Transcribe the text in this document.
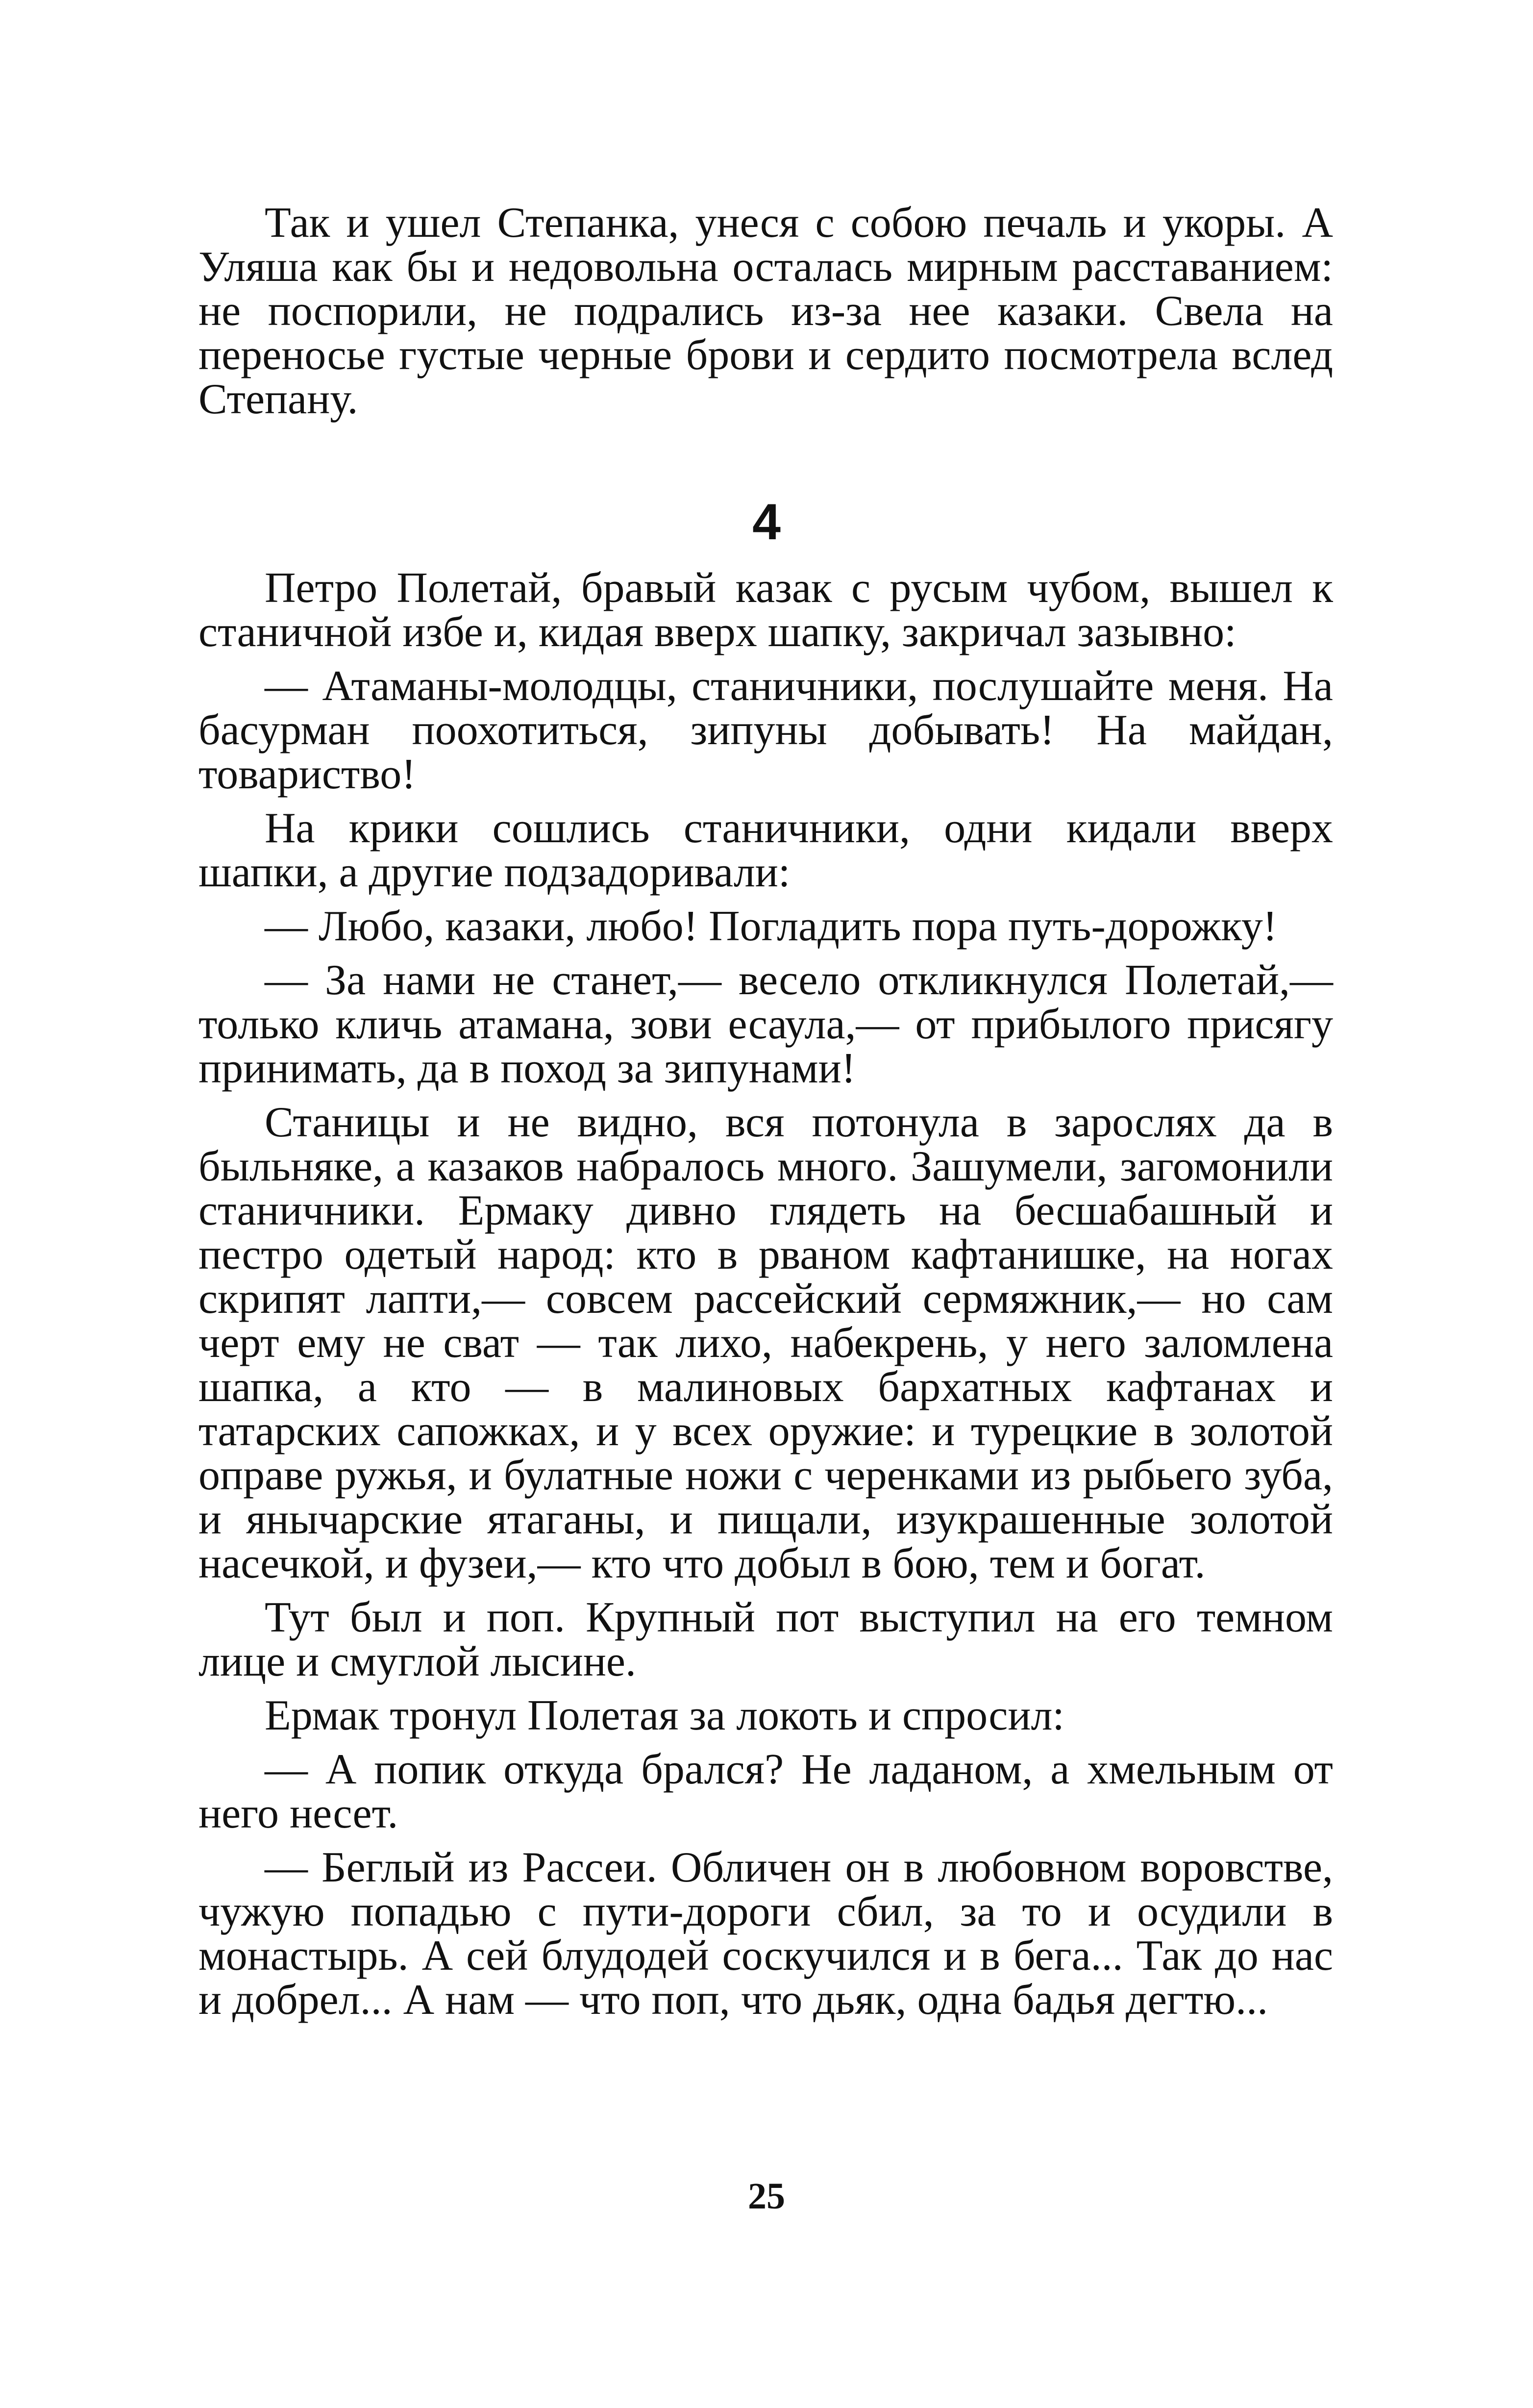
Так и ушел Степанка, унеся с собою печаль и укоры. А Уляша как бы и недовольна осталась мирным расставанием: не поспорили, не подрались из-за нее казаки. Свела на переносье густые черные брови и сердито посмотрела вслед Степану.

4

Петро Полетай, бравый казак с русым чубом, вышел к станичной избе и, кидая вверх шапку, закричал зазывно:

— Атаманы-молодцы, станичники, послушайте меня. На басурман поохотиться, зипуны добывать! На майдан, товариство!

На крики сошлись станичники, одни кидали вверх шапки, а другие подзадоривали:

— Любо, казаки, любо! Погладить пора путь-дорожку!

— За нами не станет,— весело откликнулся Полетай,— только кличь атамана, зови есаула,— от прибылого присягу принимать, да в поход за зипунами!

Станицы и не видно, вся потонула в зарослях да в быльняке, а казаков набралось много. Зашумели, загомонили станичники. Ермаку дивно глядеть на бесшабашный и пестро одетый народ: кто в рваном кафтанишке, на ногах скрипят лапти,— совсем рассейский сермяжник,— но сам черт ему не сват — так лихо, набекрень, у него заломлена шапка, а кто — в малиновых бархатных кафтанах и татарских сапожках, и у всех оружие: и турецкие в золотой оправе ружья, и булатные ножи с черенками из рыбьего зуба, и янычарские ятаганы, и пищали, изукрашенные золотой насечкой, и фузеи,— кто что добыл в бою, тем и богат.

Тут был и поп. Крупный пот выступил на его темном лице и смуглой лысине.

Ермак тронул Полетая за локоть и спросил:

— А попик откуда брался? Не ладаном, а хмельным от него несет.

— Беглый из Рассеи. Обличен он в любовном воровстве, чужую попадью с пути-дороги сбил, за то и осудили в монастырь. А сей блудодей соскучился и в бега... Так до нас и добрел... А нам — что поп, что дьяк, одна бадья дегтю...

25
